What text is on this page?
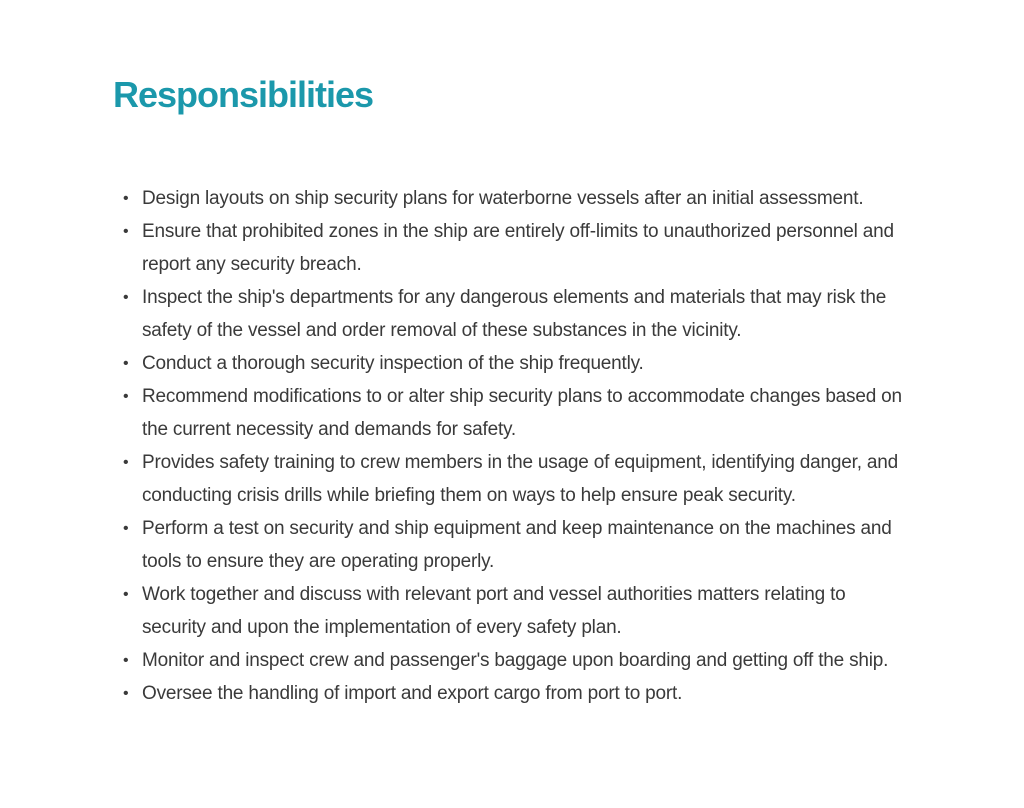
Responsibilities
• Design layouts on ship security plans for waterborne vessels after an initial assessment.
• Ensure that prohibited zones in the ship are entirely off-limits to unauthorized personnel and report any security breach.
• Inspect the ship's departments for any dangerous elements and materials that may risk the safety of the vessel and order removal of these substances in the vicinity.
• Conduct a thorough security inspection of the ship frequently.
• Recommend modifications to or alter ship security plans to accommodate changes based on the current necessity and demands for safety.
• Provides safety training to crew members in the usage of equipment, identifying danger, and conducting crisis drills while briefing them on ways to help ensure peak security.
• Perform a test on security and ship equipment and keep maintenance on the machines and tools to ensure they are operating properly.
• Work together and discuss with relevant port and vessel authorities matters relating to security and upon the implementation of every safety plan.
• Monitor and inspect crew and passenger's baggage upon boarding and getting off the ship.
• Oversee the handling of import and export cargo from port to port.
